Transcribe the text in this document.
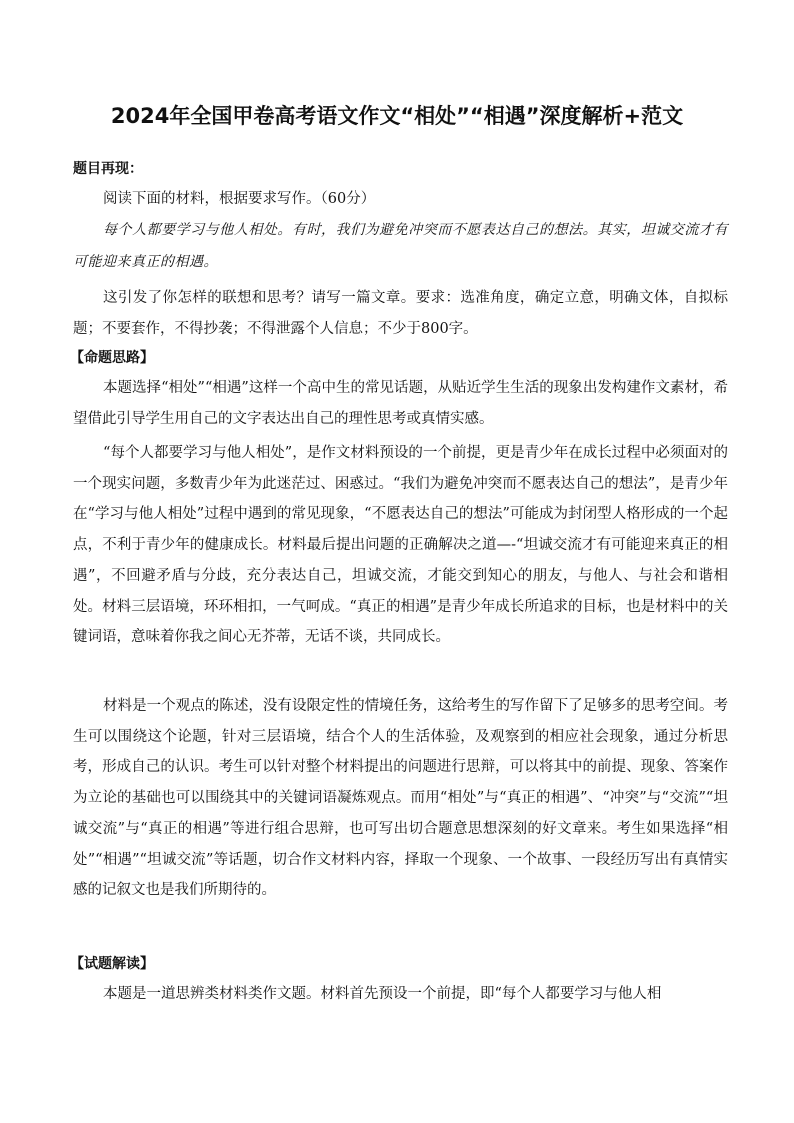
2024年全国甲卷高考语文作文“相处”“相遇”深度解析+范文
题目再现：

阅读下面的材料，根据要求写作。（60分）

每个人都要学习与他人相处。有时，我们为避免冲突而不愿表达自己的想法。其实，坦诚交流才有可能迎来真正的相遇。

这引发了你怎样的联想和思考？请写一篇文章。要求：选准角度，确定立意，明确文体，自拟标题；不要套作，不得抄袭；不得泄露个人信息；不少于800字。

【命题思路】

本题选择“相处”“相遇”这样一个高中生的常见话题，从贴近学生生活的现象出发构建作文素材，希望借此引导学生用自己的文字表达出自己的理性思考或真情实感。

“每个人都要学习与他人相处”，是作文材料预设的一个前提，更是青少年在成长过程中必须面对的一个现实问题，多数青少年为此迷茫过、困惑过。“我们为避免冲突而不愿表达自己的想法”，是青少年在“学习与他人相处”过程中遇到的常见现象，“不愿表达自己的想法”可能成为封闭型人格形成的一个起点，不利于青少年的健康成长。材料最后提出问题的正确解决之道—-“坦诚交流才有可能迎来真正的相遇”，不回避矛盾与分歧，充分表达自己，坦诚交流，才能交到知心的朋友，与他人、与社会和谐相处。材料三层语境，环环相扣，一气呵成。“真正的相遇”是青少年成长所追求的目标，也是材料中的关键词语，意味着你我之间心无芥蒂，无话不谈，共同成长。

材料是一个观点的陈述，没有设限定性的情境任务，这给考生的写作留下了足够多的思考空间。考生可以围绕这个论题，针对三层语境，结合个人的生活体验，及观察到的相应社会现象，通过分析思考，形成自己的认识。考生可以针对整个材料提出的问题进行思辩，可以将其中的前提、现象、答案作为立论的基础也可以围绕其中的关键词语凝炼观点。而用“相处”与“真正的相遇”、“冲突”与“交流”“坦诚交流”与“真正的相遇”等进行组合思辩，也可写出切合题意思想深刻的好文章来。考生如果选择“相处”“相遇”“坦诚交流”等话题，切合作文材料内容，择取一个现象、一个故事、一段经历写出有真情实感的记叙文也是我们所期待的。

【试题解读】

本题是一道思辨类材料类作文题。材料首先预设一个前提，即“每个人都要学习与他人相
